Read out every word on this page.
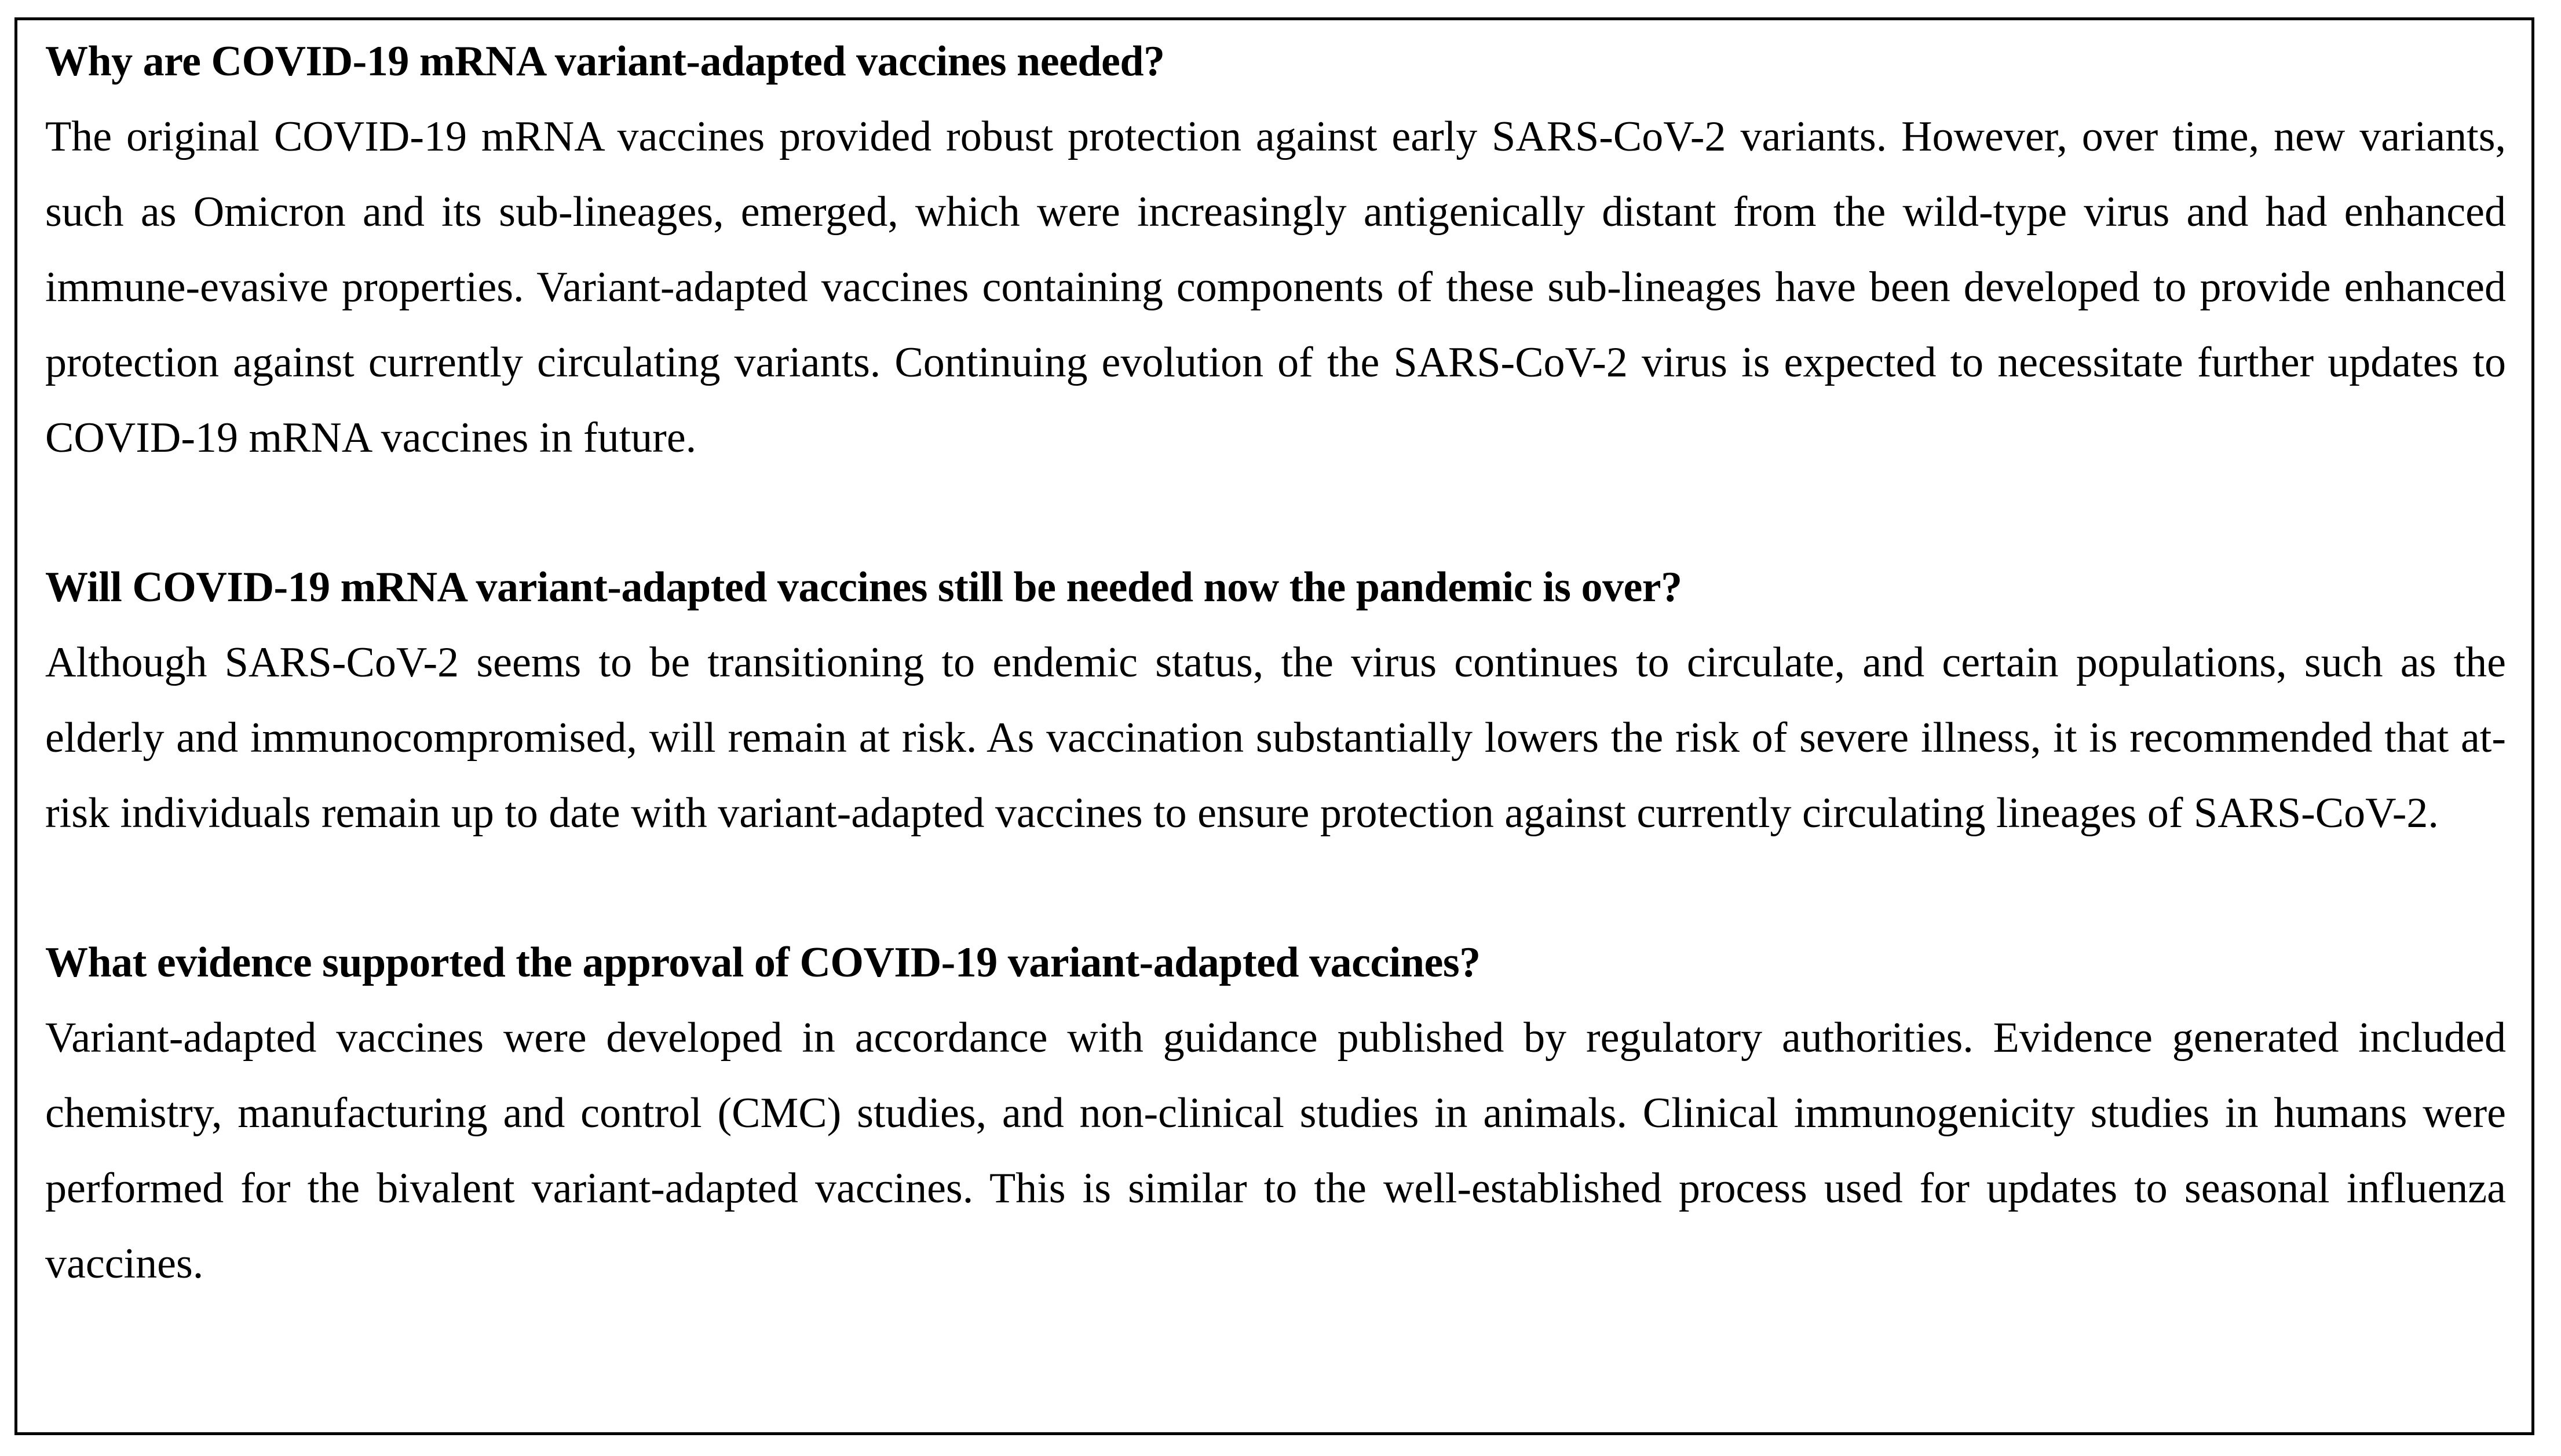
Why are COVID-19 mRNA variant-adapted vaccines needed?

The original COVID-19 mRNA vaccines provided robust protection against early SARS-CoV-2 variants. However, over time, new variants, such as Omicron and its sub-lineages, emerged, which were increasingly antigenically distant from the wild-type virus and had enhanced immune-evasive properties. Variant-adapted vaccines containing components of these sub-lineages have been developed to provide enhanced protection against currently circulating variants. Continuing evolution of the SARS-CoV-2 virus is expected to necessitate further updates to COVID-19 mRNA vaccines in future.

Will COVID-19 mRNA variant-adapted vaccines still be needed now the pandemic is over?

Although SARS-CoV-2 seems to be transitioning to endemic status, the virus continues to circulate, and certain populations, such as the elderly and immunocompromised, will remain at risk. As vaccination substantially lowers the risk of severe illness, it is recommended that at-risk individuals remain up to date with variant-adapted vaccines to ensure protection against currently circulating lineages of SARS-CoV-2.

What evidence supported the approval of COVID-19 variant-adapted vaccines?

Variant-adapted vaccines were developed in accordance with guidance published by regulatory authorities. Evidence generated included chemistry, manufacturing and control (CMC) studies, and non-clinical studies in animals. Clinical immunogenicity studies in humans were performed for the bivalent variant-adapted vaccines. This is similar to the well-established process used for updates to seasonal influenza vaccines.
